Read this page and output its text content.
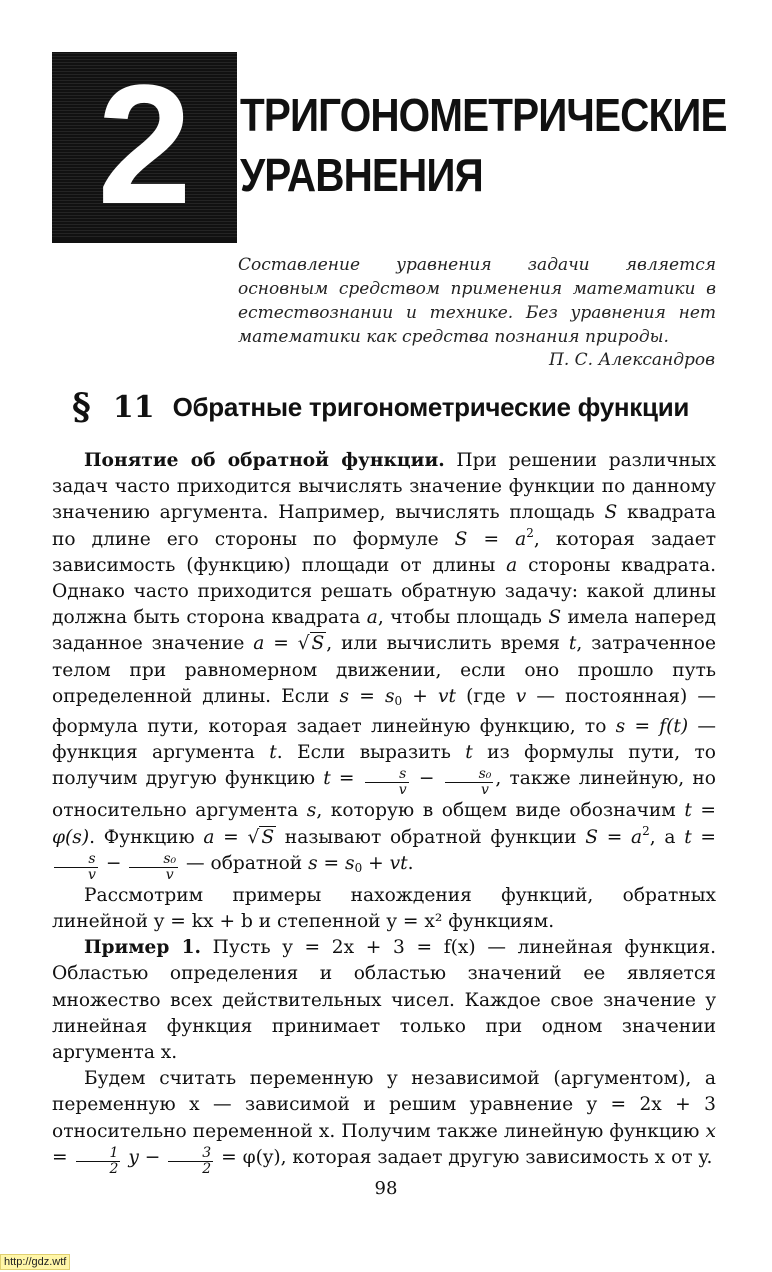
2	ТРИГОНОМЕТРИЧЕСКИЕ
УРАВНЕНИЯ
Составление уравнения задачи является основным средством применения математики в естествознании и технике. Без уравнения нет математики как средства познания природы.
П. С. Александров
§ 11 Обратные тригонометрические функции

Понятие об обратной функции. При решении различных задач часто приходится вычислять значение функции по данному значению аргумента. Например, вычислять площадь S квадрата по длине его стороны по формуле $S = a^2$, которая задает зависимость (функцию) площади от длины a стороны квадрата. Однако часто приходится решать обратную задачу: какой длины должна быть сторона квадрата a, чтобы площадь S имела наперед заданное значение a = √ S , или вычислить время t, затраченное телом при равномерном движении, если оно прошло путь определенной длины. Если $s = s_0$ + vt (где v — постоянная) — формула пути, которая задает линейную функцию, то s = f(t) — функция аргумента t. Если выразить t из формулы пути, то получим другую функцию $t = \frac{s}{v} - \frac{\text{s₀}}{v}$ , также линейную, но относительно аргумента s, которую в общем виде обозначим t = φ(s). Функцию a = √ S называют обратной функции $S = a^2$, а t =
$\frac{s}{v} - \frac{\text{s₀}}{v}$ — обратной $s = s_0$ + vt.

Рассмотрим примеры нахождения функций, обратных линейной y = kx + b и степенной y = x² функциям.

Пример 1. Пусть y = 2x + 3 = f(x) — линейная функция. Областью определения и областью значений ее является множество всех действительных чисел. Каждое свое значение y линейная функция принимает только при одном значении аргумента x.

Будем считать переменную y независимой (аргументом), а переменную x — зависимой и решим уравнение y = 2x + 3 относительно переменной x. Получим также линейную функцию $x = \frac{1}{2}$ $y - \frac{3}{2} = \varphi(y)$, которая задает другую зависимость x от y.

98
http://gdz.wtf
